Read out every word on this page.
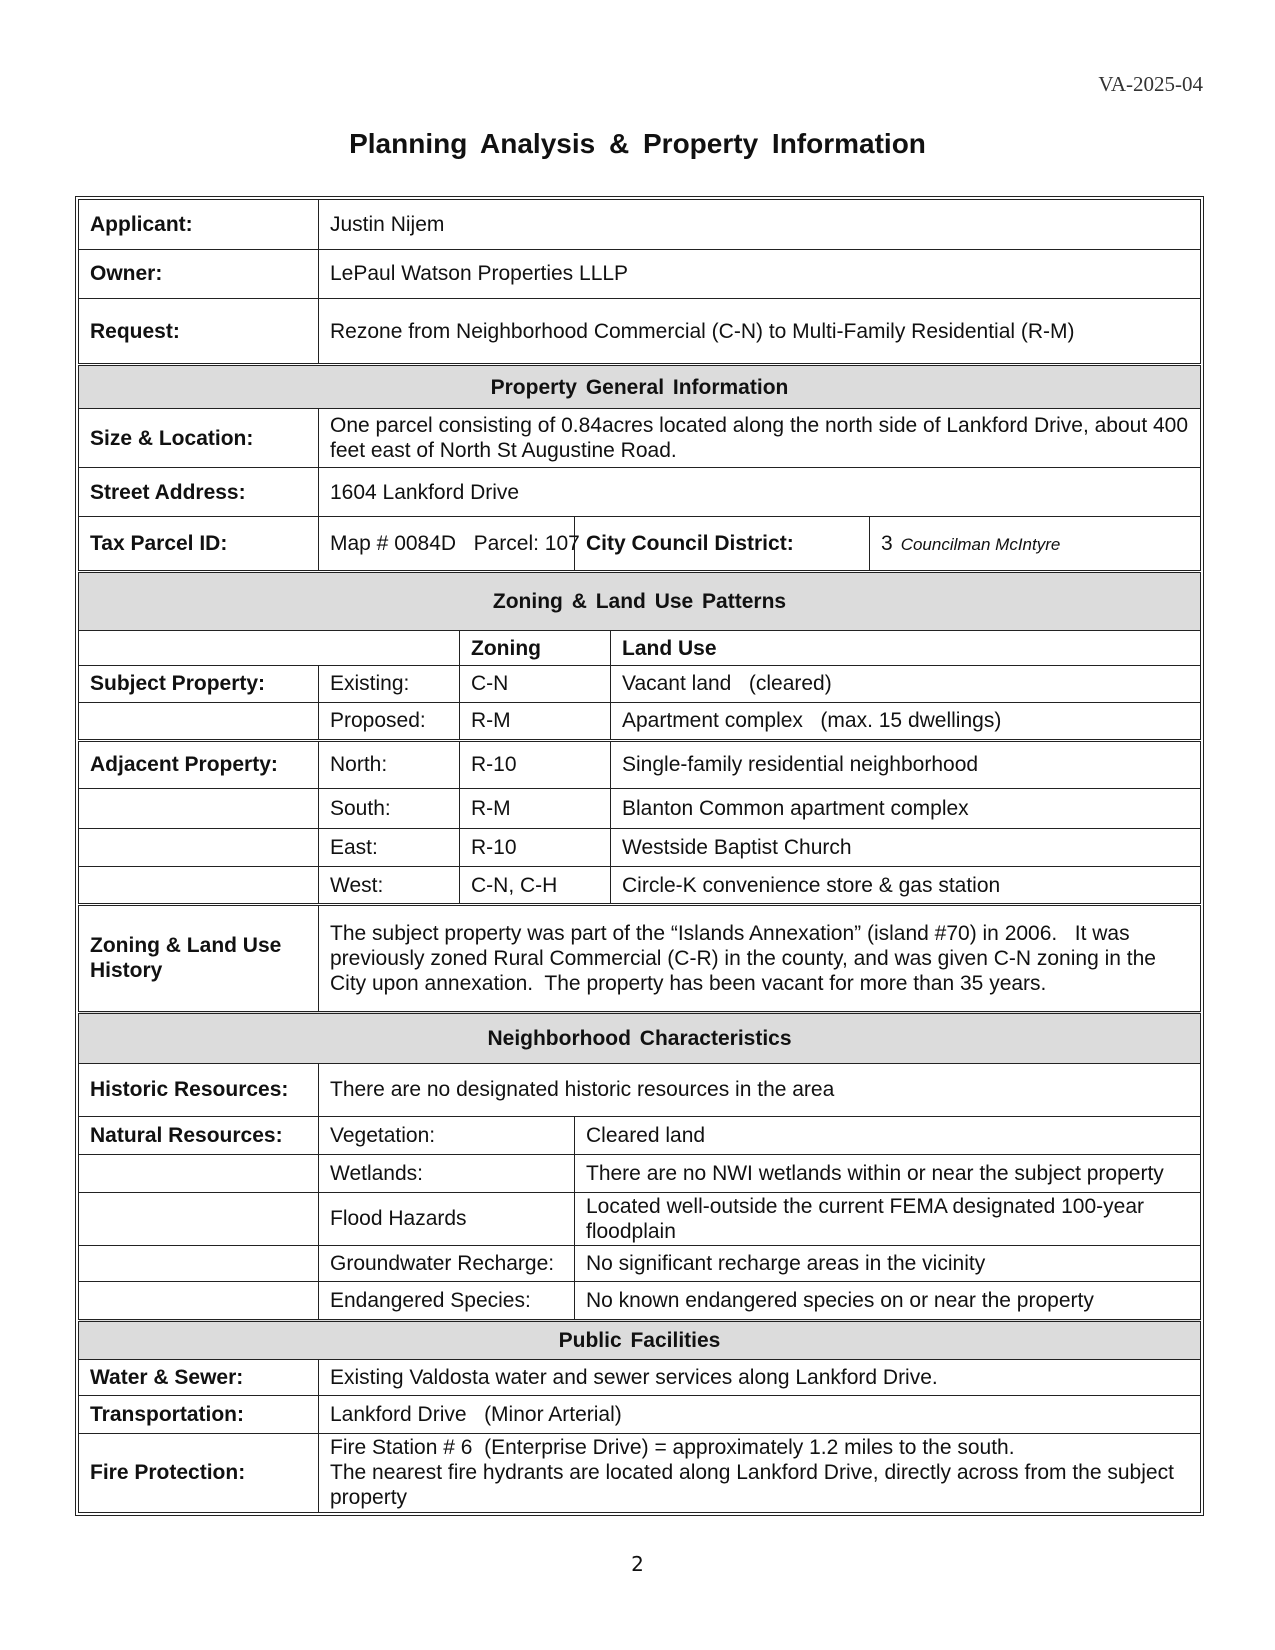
VA-2025-04
Planning Analysis & Property Information
Applicant:	Justin Nijem				
Owner:	LePaul Watson Properties LLLP				
Request:	Rezone from Neighborhood Commercial (C-N) to Multi-Family Residential (R-M)				
Property General Information					
Size & Location:	One parcel consisting of 0.84acres located along the north side of Lankford Drive, about 400 feet east of North St Augustine Road.				
Street Address:	1604 Lankford Drive				
Tax Parcel ID:	Map # 0084D   Parcel: 107		City Council District:		3 Councilman McIntyre
Zoning & Land Use Patterns					
		Zoning		Land Use	
Subject Property:	Existing:	C-N		Vacant land   (cleared)	
	Proposed:	R-M		Apartment complex   (max. 15 dwellings)	
Adjacent Property:	North:	R-10		Single-family residential neighborhood	
	South:	R-M		Blanton Common apartment complex	
	East:	R-10		Westside Baptist Church	
	West:	C-N, C-H		Circle-K convenience store & gas station	
Zoning & Land Use History	The subject property was part of the “Islands Annexation” (island #70) in 2006.   It was previously zoned Rural Commercial (C-R) in the county, and was given C-N zoning in the City upon annexation.  The property has been vacant for more than 35 years.				
Neighborhood Characteristics					
Historic Resources:	There are no designated historic resources in the area				
Natural Resources:	Vegetation:		Cleared land		
	Wetlands:		There are no NWI wetlands within or near the subject property		
	Flood Hazards		Located well-outside the current FEMA designated 100-year floodplain		
	Groundwater Recharge:		No significant recharge areas in the vicinity		
	Endangered Species:		No known endangered species on or near the property		
Public Facilities					
Water & Sewer:	Existing Valdosta water and sewer services along Lankford Drive.				
Transportation:	Lankford Drive   (Minor Arterial)				
Fire Protection:	Fire Station # 6  (Enterprise Drive) = approximately 1.2 miles to the south.
The nearest fire hydrants are located along Lankford Drive, directly across from the subject property				
2
